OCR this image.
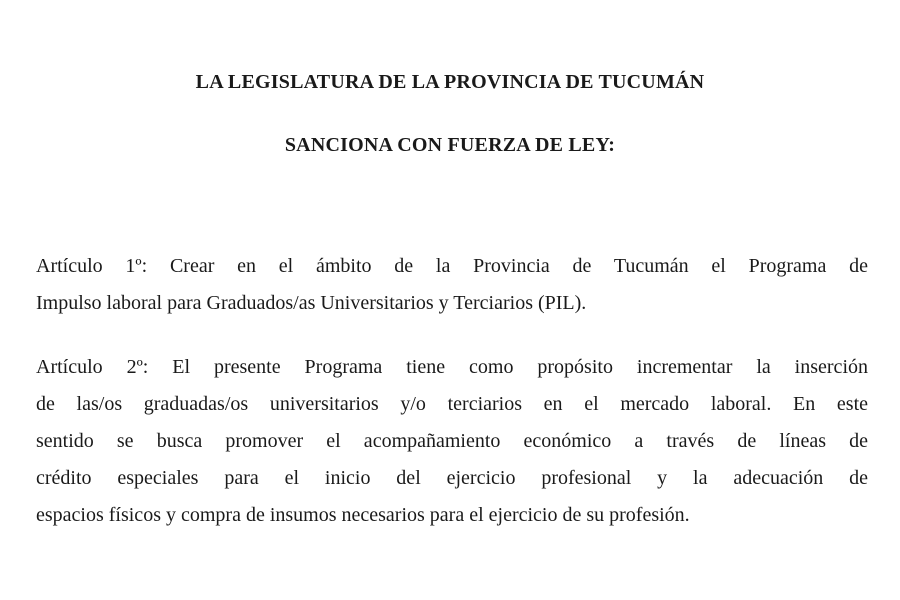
LA LEGISLATURA DE LA PROVINCIA DE TUCUMÁN
SANCIONA CON FUERZA DE LEY:
Artículo 1º: Crear en el ámbito de la Provincia de Tucumán el Programa de
Impulso laboral para Graduados/as Universitarios y Terciarios (PIL).
Artículo 2º: El presente Programa tiene como propósito incrementar la inserción
de las/os graduadas/os universitarios y/o terciarios en el mercado laboral. En este
sentido se busca promover el acompañamiento económico a través de líneas de
crédito especiales para el inicio del ejercicio profesional y la adecuación de
espacios físicos y compra de insumos necesarios para el ejercicio de su profesión.
